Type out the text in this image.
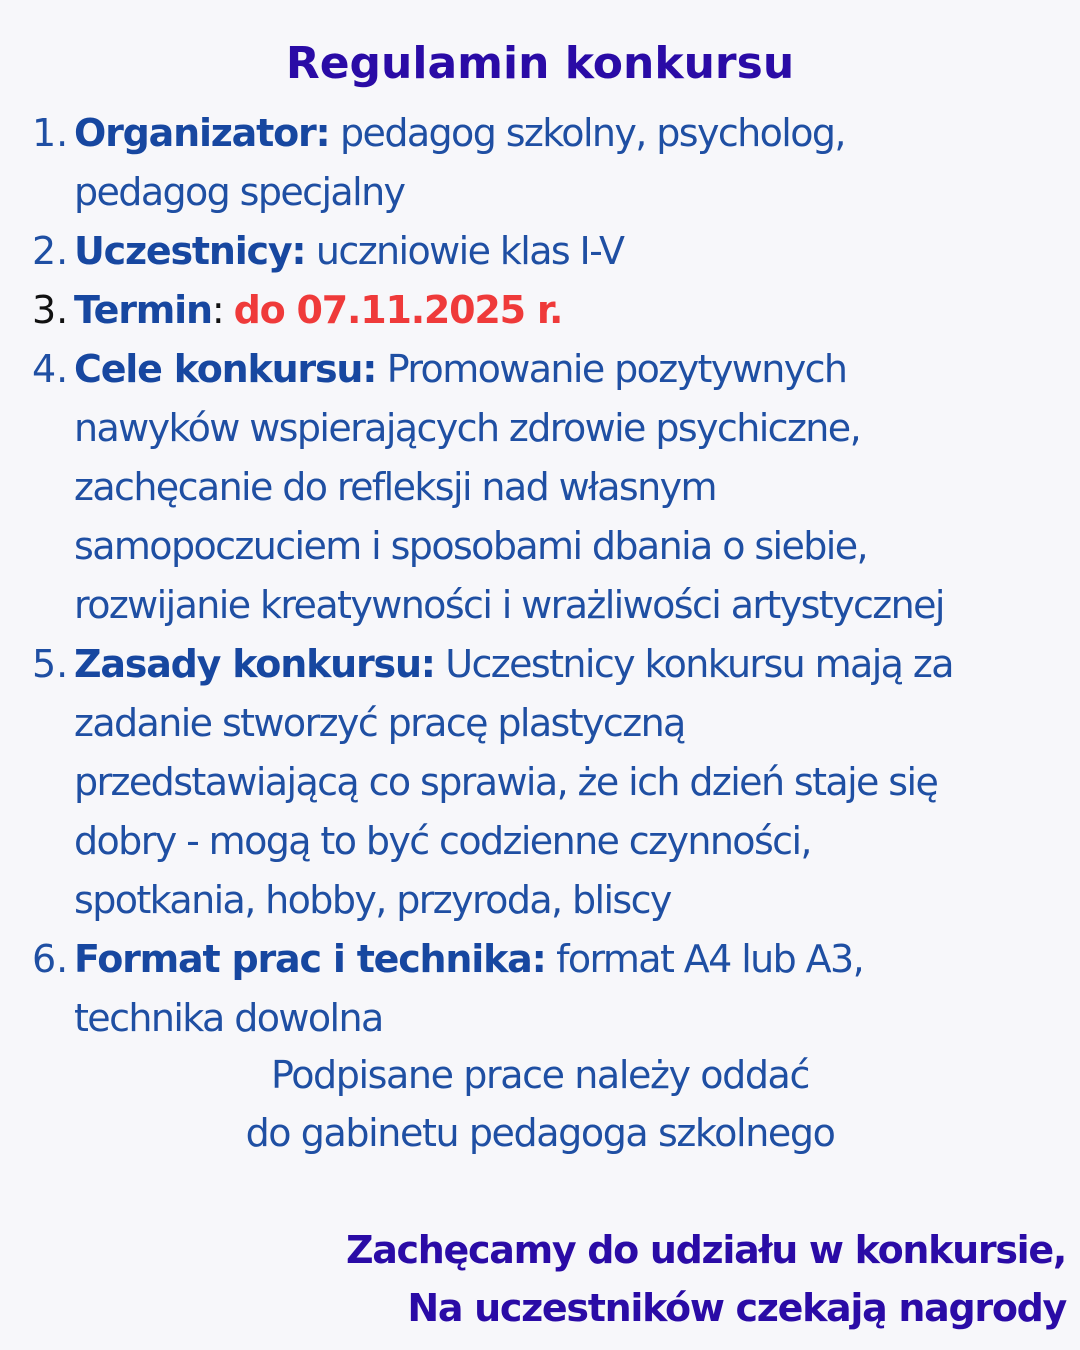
Regulamin konkursu
1. Organizator: pedagog szkolny, psycholog,
pedagog specjalny
2. Uczestnicy: uczniowie klas I-V
3. Termin: do 07.11.2025 r.
4. Cele konkursu: Promowanie pozytywnych
nawyków wspierających zdrowie psychiczne,
zachęcanie do refleksji nad własnym
samopoczuciem i sposobami dbania o siebie,
rozwijanie kreatywności i wrażliwości artystycznej
5. Zasady konkursu: Uczestnicy konkursu mają za
zadanie stworzyć pracę plastyczną
przedstawiającą co sprawia, że ich dzień staje się
dobry - mogą to być codzienne czynności,
spotkania, hobby, przyroda, bliscy
6. Format prac i technika: format A4 lub A3,
technika dowolna
Podpisane prace należy oddać
do gabinetu pedagoga szkolnego
Zachęcamy do udziału w konkursie,
Na uczestników czekają nagrody
